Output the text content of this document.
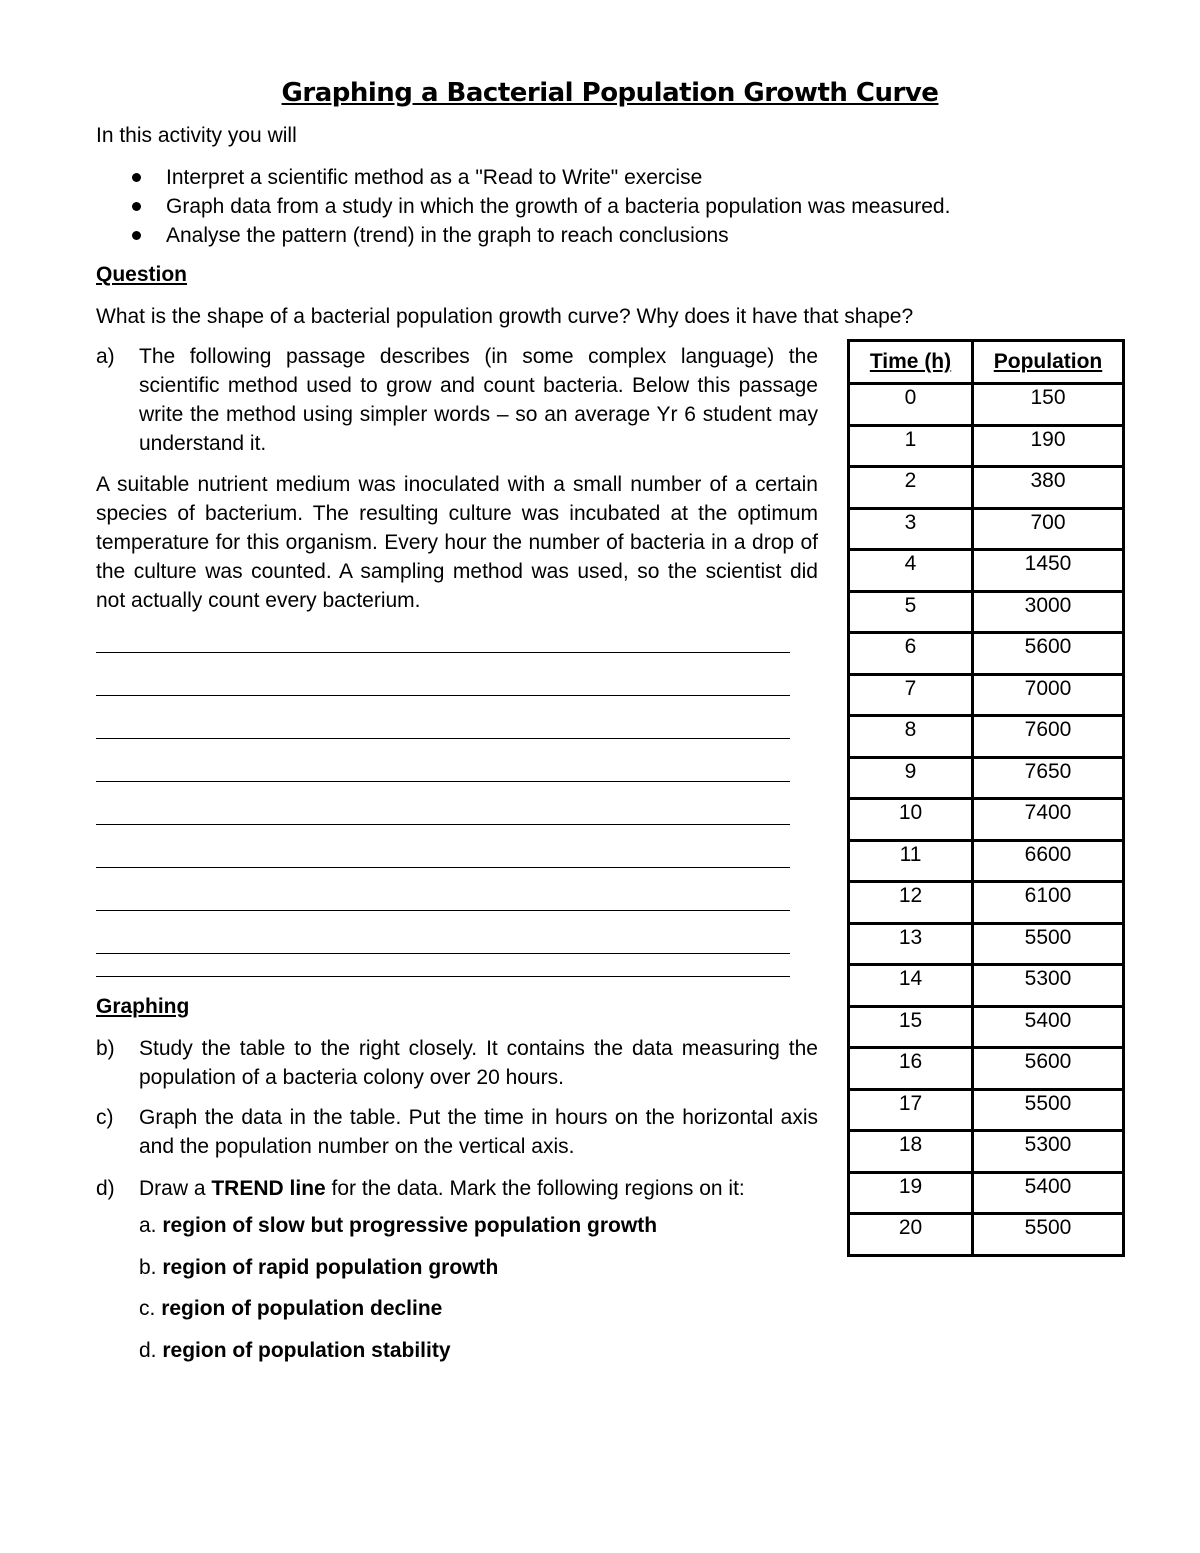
Graphing a Bacterial Population Growth Curve
In this activity you will
Interpret a scientific method as a "Read to Write" exercise
Graph data from a study in which the growth of a bacteria population was measured.
Analyse the pattern (trend) in the graph to reach conclusions
Question
What is the shape of a bacterial population growth curve? Why does it have that shape?
a) The following passage describes (in some complex language) the scientific method used to grow and count bacteria. Below this passage write the method using simpler words – so an average Yr 6 student may understand it.
A suitable nutrient medium was inoculated with a small number of a certain species of bacterium. The resulting culture was incubated at the optimum temperature for this organism. Every hour the number of bacteria in a drop of the culture was counted. A sampling method was used, so the scientist did not actually count every bacterium.
Graphing
b) Study the table to the right closely. It contains the data measuring the population of a bacteria colony over 20 hours.
c) Graph the data in the table. Put the time in hours on the horizontal axis and the population number on the vertical axis.
d) Draw a TREND line for the data. Mark the following regions on it:
a. region of slow but progressive population growth
b. region of rapid population growth
c. region of population decline
d. region of population stability
Time (h)	Population
0	150
1	190
2	380
3	700
4	1450
5	3000
6	5600
7	7000
8	7600
9	7650
10	7400
11	6600
12	6100
13	5500
14	5300
15	5400
16	5600
17	5500
18	5300
19	5400
20	5500
